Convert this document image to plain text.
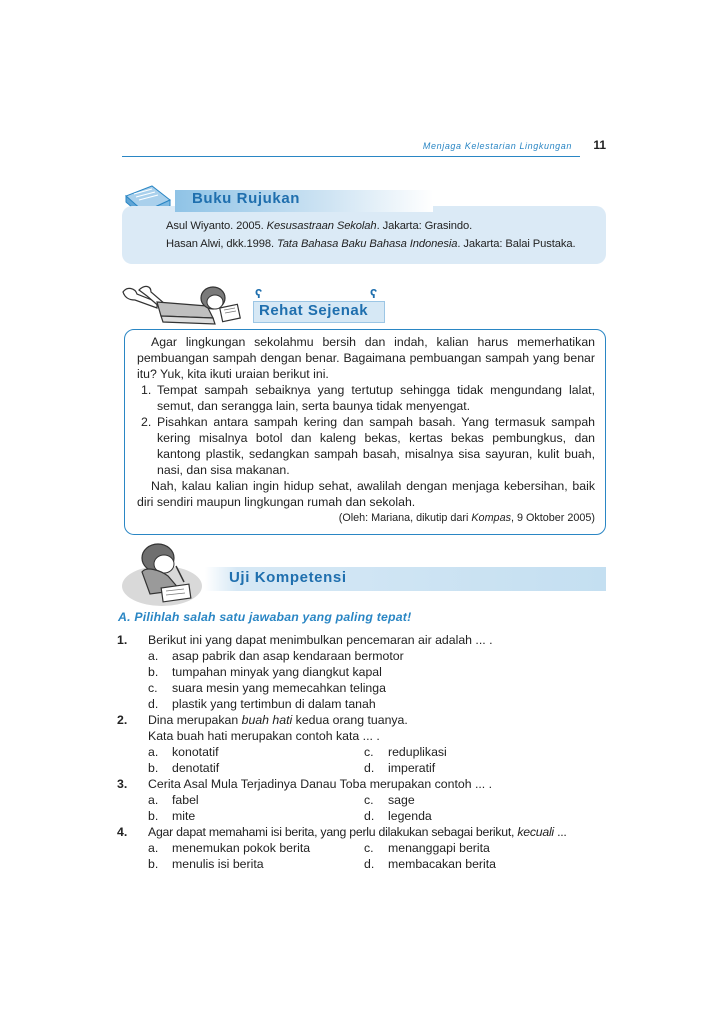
Menjaga Kelestarian Lingkungan 11
Buku Rujukan
Asul Wiyanto. 2005. Kesusastraan Sekolah. Jakarta: Grasindo.
Hasan Alwi, dkk.1998. Tata Bahasa Baku Bahasa Indonesia. Jakarta: Balai Pustaka.
ʕ	ʕ
Rehat Sejenak

Agar lingkungan sekolahmu bersih dan indah, kalian harus memerhatikan pembuangan sampah dengan benar. Bagaimana pembuangan sampah yang benar itu? Yuk, kita ikuti uraian berikut ini.

1. Tempat sampah sebaiknya yang tertutup sehingga tidak mengundang lalat, semut, dan serangga lain, serta baunya tidak menyengat.
2. Pisahkan antara sampah kering dan sampah basah. Yang termasuk sampah kering misalnya botol dan kaleng bekas, kertas bekas pembungkus, dan kantong plastik, sedangkan sampah basah, misalnya sisa sayuran, kulit buah, nasi, dan sisa makanan.

Nah, kalau kalian ingin hidup sehat, awalilah dengan menjaga kebersihan, baik diri sendiri maupun lingkungan rumah dan sekolah.

(Oleh: Mariana, dikutip dari Kompas, 9 Oktober 2005)

Uji Kompetensi
A. Pilihlah salah satu jawaban yang paling tepat!
1.	Berikut ini yang dapat menimbulkan pencemaran air adalah ... .
a.	asap pabrik dan asap kendaraan bermotor
b.	tumpahan minyak yang diangkut kapal
c.	suara mesin yang memecahkan telinga
d.	plastik yang tertimbun di dalam tanah
2.	Dina merupakan buah hati kedua orang tuanya.
Kata buah hati merupakan contoh kata ... .
a.	konotatif	c.	reduplikasi
b.	denotatif	d.	imperatif
3.	Cerita Asal Mula Terjadinya Danau Toba merupakan contoh ... .
a.	fabel	c.	sage
b.	mite	d.	legenda
4.	Agar dapat memahami isi berita, yang perlu dilakukan sebagai berikut, kecuali ...
a.	menemukan pokok berita	c.	menanggapi berita
b.	menulis isi berita	d.	membacakan berita
